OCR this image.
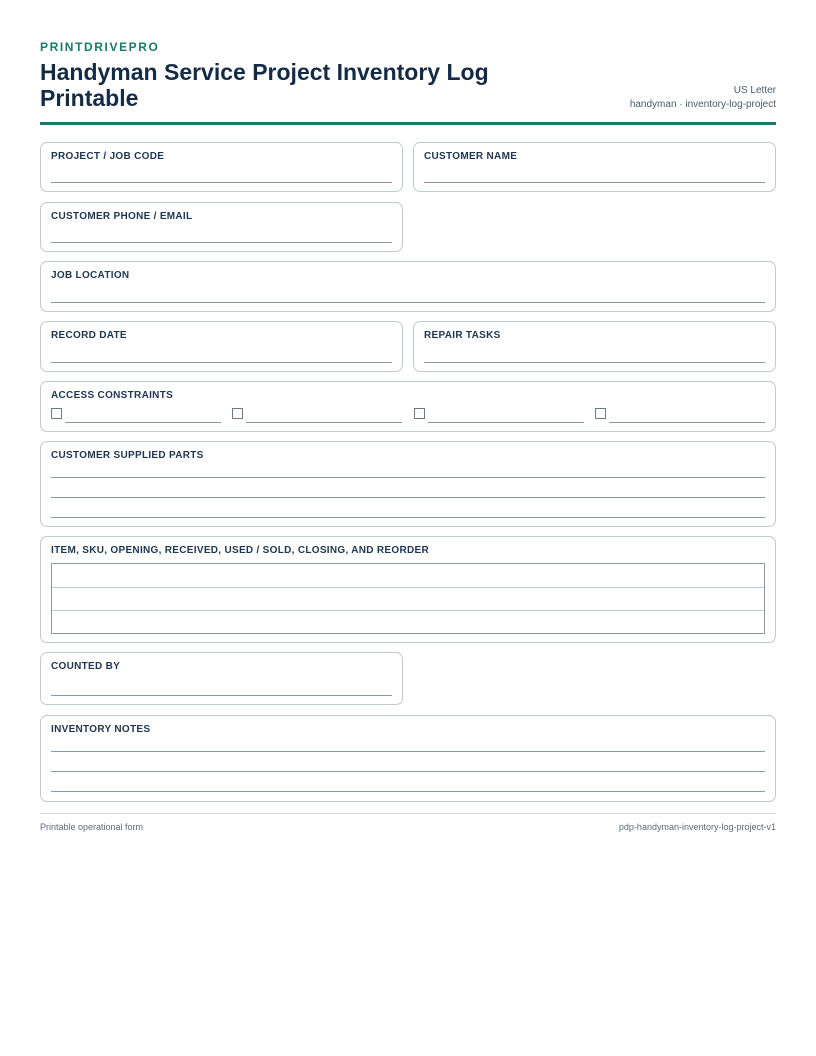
PRINTDRIVEPRO
Handyman Service Project Inventory Log Printable	US Letter
handyman · inventory-log-project
PROJECT / JOB CODE	CUSTOMER NAME
CUSTOMER PHONE / EMAIL
JOB LOCATION
RECORD DATE	REPAIR TASKS
ACCESS CONSTRAINTS
CUSTOMER SUPPLIED PARTS
ITEM, SKU, OPENING, RECEIVED, USED / SOLD, CLOSING, AND REORDER
COUNTED BY
INVENTORY NOTES
Printable operational form	pdp-handyman-inventory-log-project-v1
